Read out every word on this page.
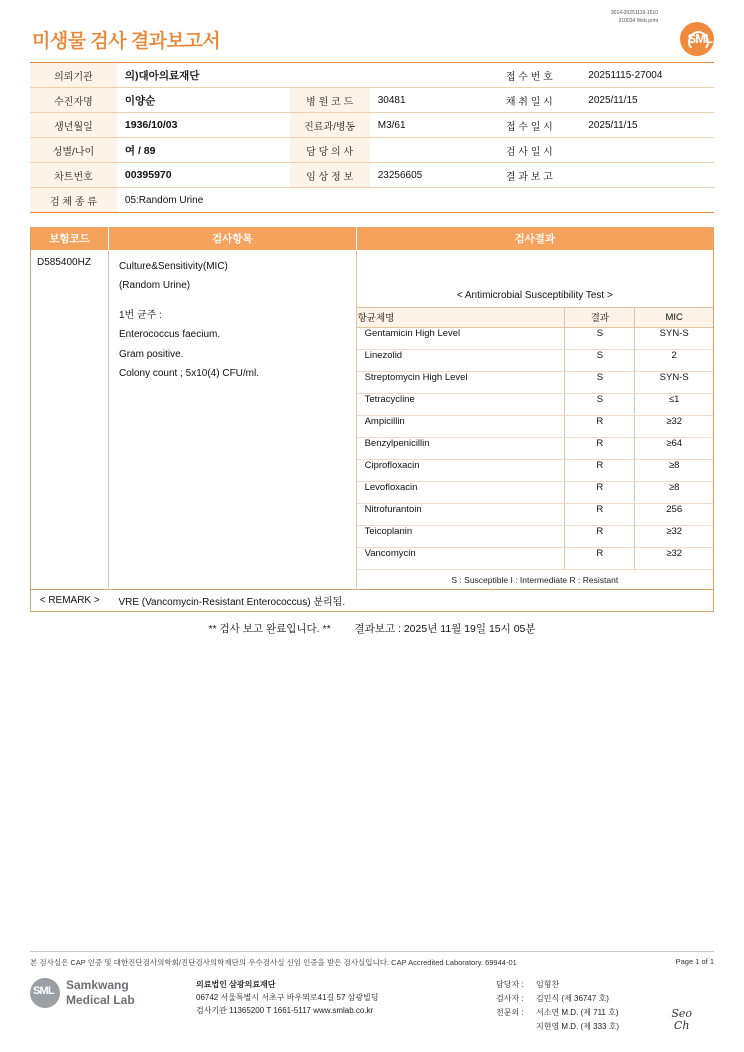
미생물 검사 결과보고서
3014-20251119-1510
210034 Web print
SML
의뢰기관	의)대아의료재단			접 수 번 호	20251115-27004
수진자명	이양순	병 원 코 드	30481	채 취 일 시	2025/11/15
생년월일	1936/10/03	진료과/병동	M3/61	접 수 일 시	2025/11/15
성별/나이	여 / 89	담 당 의 사		검 사 일 시	
차트번호	00395970	임 상 정 보	23256605	결 과 보 고	
검 체 종 류	05:Random Urine				
보험코드	검사항목	검사결과
D585400HZ	Culture&Sensitivity(MIC)
(Random Urine)
1번 균주 :
Enterococcus faecium.
Gram positive.
Colony count ; 5x10(4) CFU/ml.

< Antimicrobial Susceptibility Test >
항균제명	결과	MIC
Gentamicin High Level	S	SYN-S
Linezolid	S	2
Streptomycin High Level	S	SYN-S
Tetracycline	S	≤1
Ampicillin	R	≥32
Benzylpenicillin	R	≥64
Ciprofloxacin	R	≥8
Levofloxacin	R	≥8
Nitrofurantoin	R	256
Teicoplanin	R	≥32
Vancomycin	R	≥32
S : Susceptible I : Intermediate R : Resistant

< REMARK >	VRE (Vancomycin-Resistant Enterococcus) 분리됨.
** 검사 보고 완료입니다. ** 결과보고 : 2025년 11월 19일 15시 05분
본 검사실은 CAP 인증 및 대한진단검사의학회/진단검사의학재단의 우수검사실 신임 인증을 받은 검사실입니다. CAP Accredited Laboratory. 69944-01	Page 1 of 1
SML Samkwang
Medical Lab
의료법인 삼광의료재단
06742 서울특별시 서초구 바우뫼로41길 57 삼광빌딩
검사기관 11365200 T 1661-5117 www.smlab.co.kr
담당자 : 임형찬
검사자 : 김민식 (제 36747 호)
전문의 : 서소연 M.D. (제 711 호)
지현영 M.D. (제 333 호)
Seo
Ch
